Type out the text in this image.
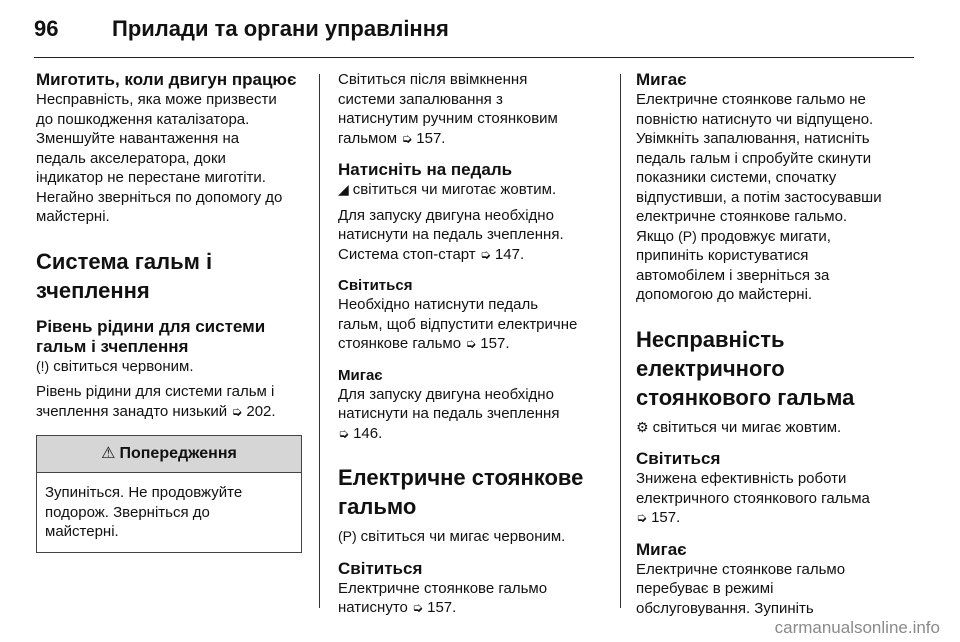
96 Прилади та органи управління

Миготить, коли двигун працює

Несправність, яка може призвести
до пошкодження каталізатора.
Зменшуйте навантаження на
педаль акселератора, доки
індикатор не перестане миготіти.
Негайно зверніться по допомогу до
майстерні.

Система гальм і
зчеплення

Рівень рідини для системи
гальм і зчеплення

(!) світиться червоним.

Рівень рідини для системи гальм і
зчеплення занадто низький ➭ 202.

⚠ Попередження
Зупиніться. Не продовжуйте
подорож. Зверніться до
майстерні.

Світиться після ввімкнення
системи запалювання з
натиснутим ручним стоянковим
гальмом ➭ 157.

Натисніть на педаль

◢ світиться чи миготає жовтим.

Для запуску двигуна необхідно
натиснути на педаль зчеплення.
Система стоп-старт ➭ 147.

Світиться

Необхідно натиснути педаль
гальм, щоб відпустити електричне
стоянкове гальмо ➭ 157.

Мигає

Для запуску двигуна необхідно
натиснути на педаль зчеплення
➭ 146.

Електричне стоянкове
гальмо

(P) світиться чи мигає червоним.

Світиться

Електричне стоянкове гальмо
натиснуто ➭ 157.

Мигає

Електричне стоянкове гальмо не
повністю натиснуто чи відпущено.
Увімкніть запалювання, натисніть
педаль гальм і спробуйте скинути
показники системи, спочатку
відпустивши, а потім застосувавши
електричне стоянкове гальмо.
Якщо (P) продовжує мигати,
припиніть користуватися
автомобілем і зверніться за
допомогою до майстерні.

Несправність
електричного
стоянкового гальма

⚙ світиться чи мигає жовтим.

Світиться

Знижена ефективність роботи
електричного стоянкового гальма
➭ 157.

Мигає

Електричне стоянкове гальмо
перебуває в режимі
обслуговування. Зупиніть

carmanualsonline.info
